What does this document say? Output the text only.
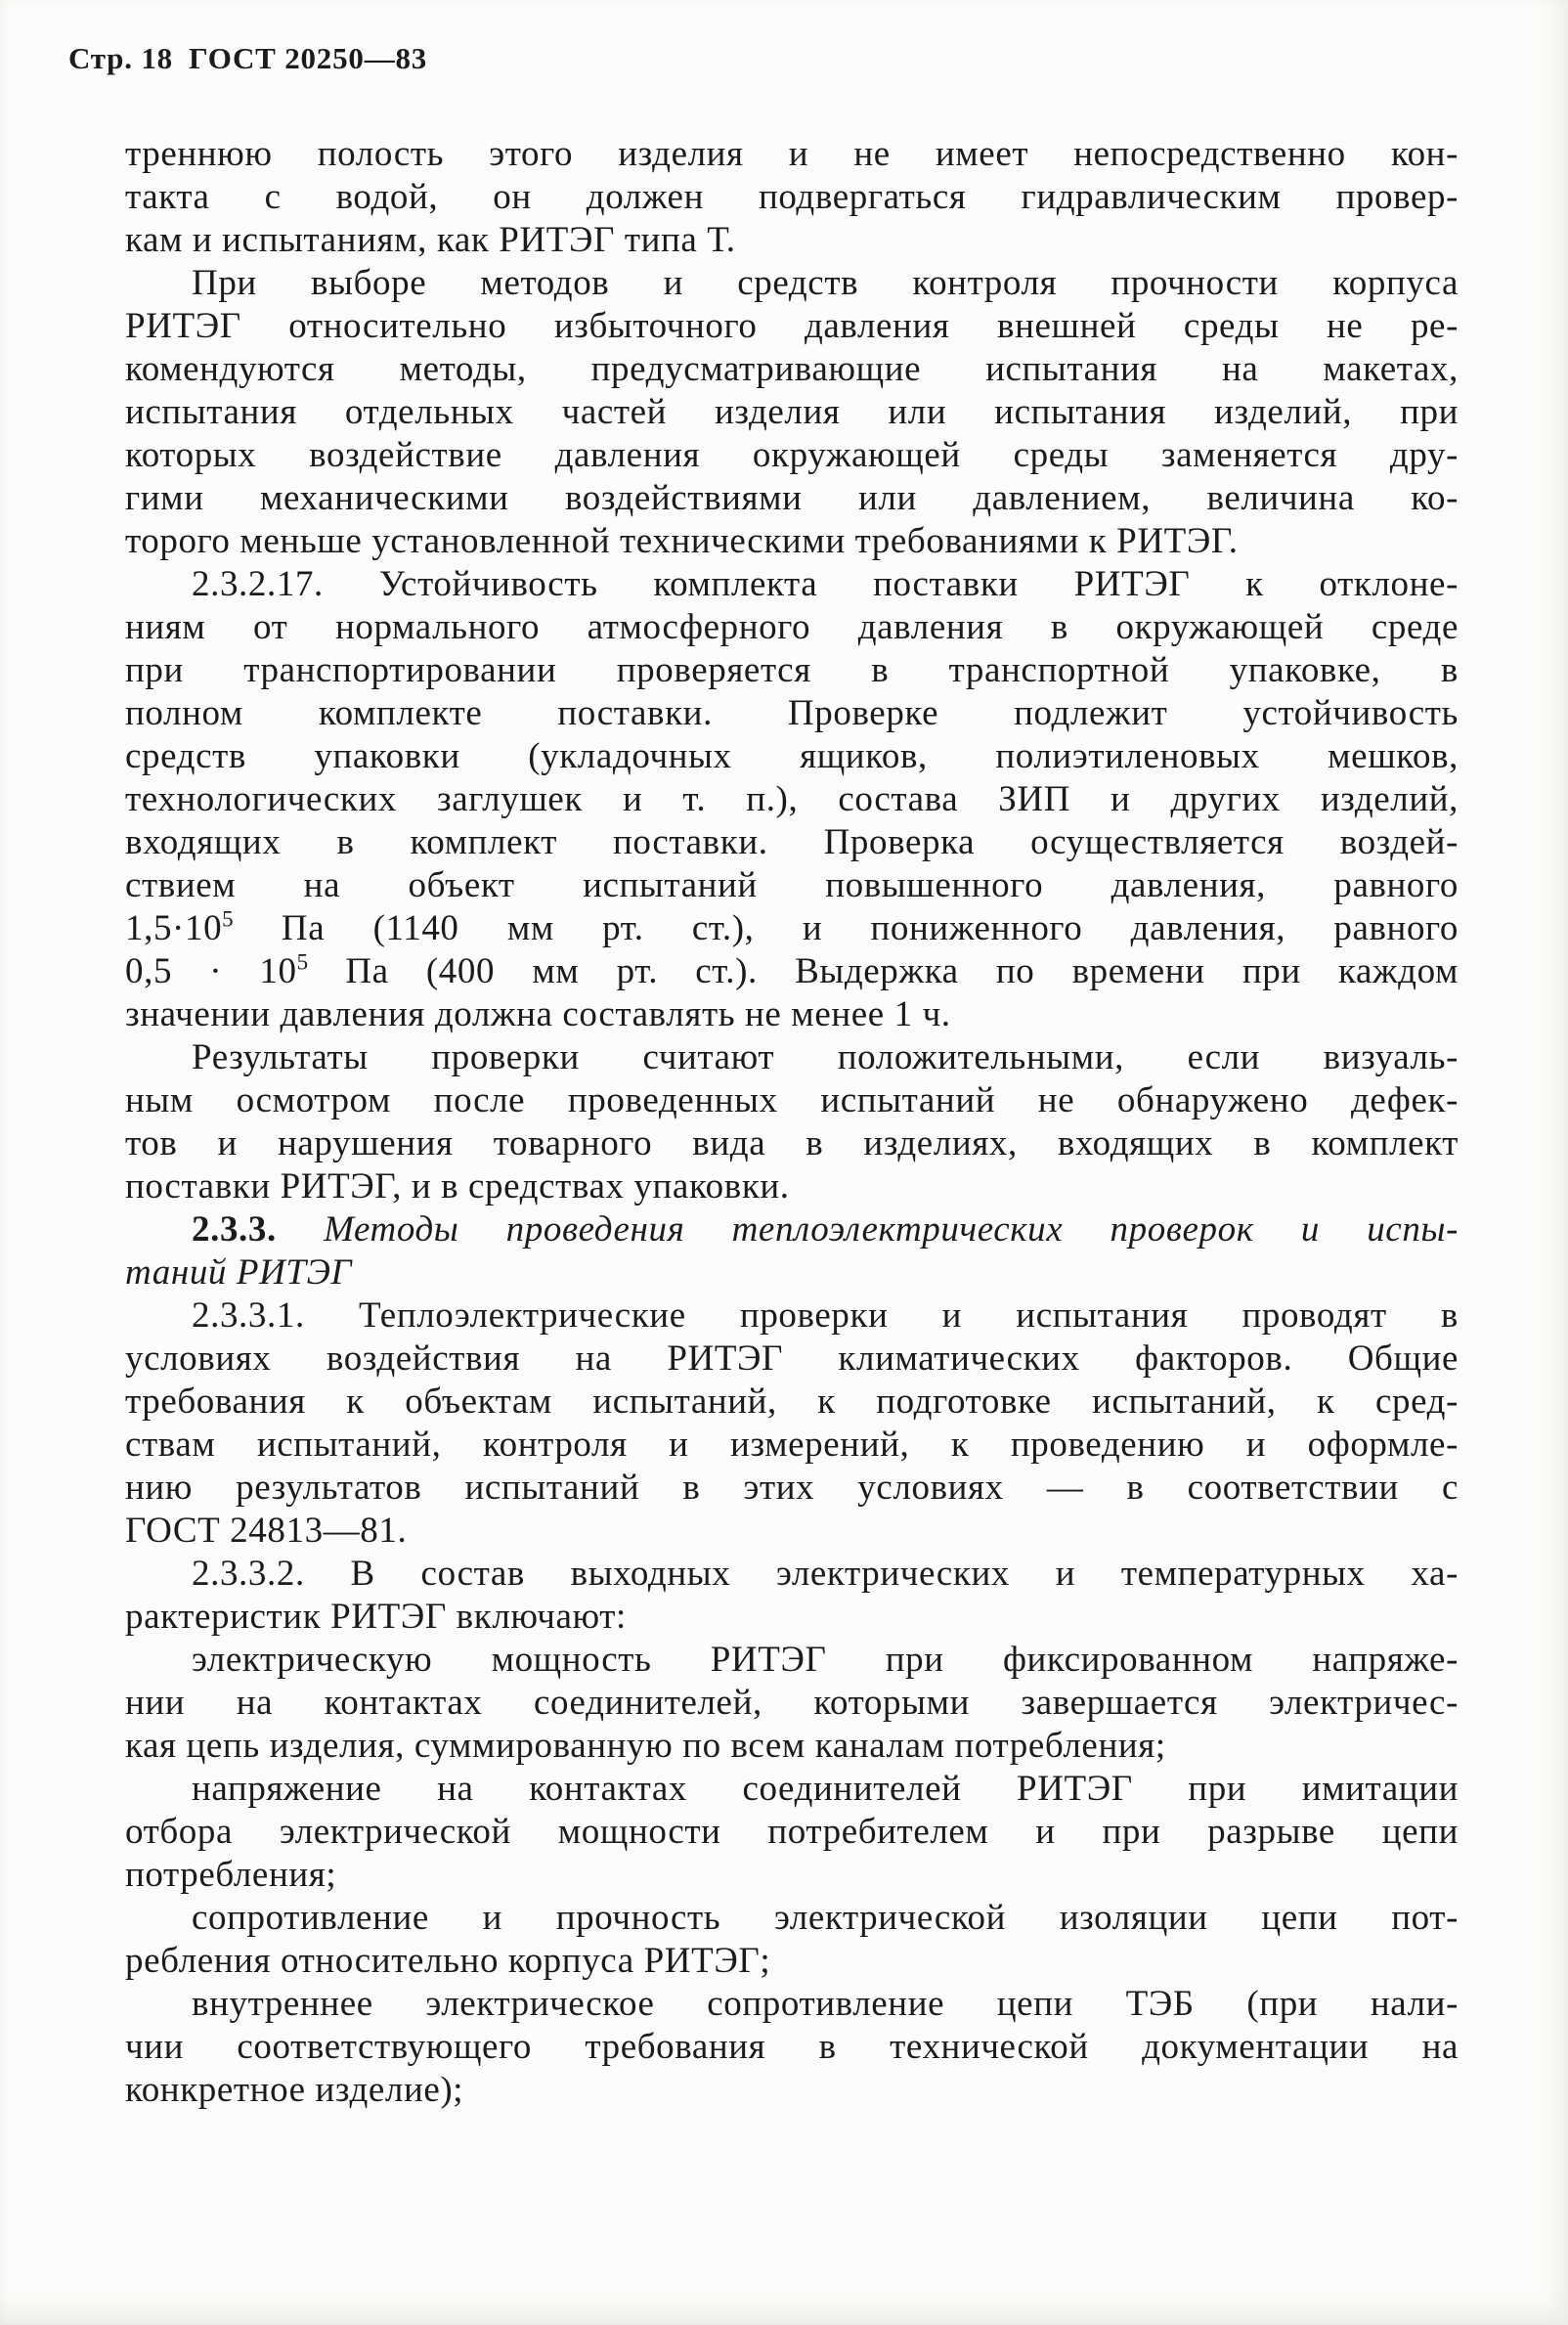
Стр. 18 ГОСТ 20250—83
треннюю полость этого изделия и не имеет непосредственно кон-
такта с водой, он должен подвергаться гидравлическим провер-
кам и испытаниям, как РИТЭГ типа Т.
При выборе методов и средств контроля прочности корпуса
РИТЭГ относительно избыточного давления внешней среды не ре-
комендуются методы, предусматривающие испытания на макетах,
испытания отдельных частей изделия или испытания изделий, при
которых воздействие давления окружающей среды заменяется дру-
гими механическими воздействиями или давлением, величина ко-
торого меньше установленной техническими требованиями к РИТЭГ.
2.3.2.17. Устойчивость комплекта поставки РИТЭГ к отклоне-
ниям от нормального атмосферного давления в окружающей среде
при транспортировании проверяется в транспортной упаковке, в
полном комплекте поставки. Проверке подлежит устойчивость
средств упаковки (укладочных ящиков, полиэтиленовых мешков,
технологических заглушек и т. п.), состава ЗИП и других изделий,
входящих в комплект поставки. Проверка осуществляется воздей-
ствием на объект испытаний повышенного давления, равного
$1,5\cdot 10^5$ Па (1140 мм рт. ст.), и пониженного давления, равного
$0,5 \cdot 10^5$ Па (400 мм рт. ст.). Выдержка по времени при каждом
значении давления должна составлять не менее 1 ч.
Результаты проверки считают положительными, если визуаль-
ным осмотром после проведенных испытаний не обнаружено дефек-
тов и нарушения товарного вида в изделиях, входящих в комплект
поставки РИТЭГ, и в средствах упаковки.
2.3.3. Методы проведения теплоэлектрических проверок и испы-
таний РИТЭГ
2.3.3.1. Теплоэлектрические проверки и испытания проводят в
условиях воздействия на РИТЭГ климатических факторов. Общие
требования к объектам испытаний, к подготовке испытаний, к сред-
ствам испытаний, контроля и измерений, к проведению и оформле-
нию результатов испытаний в этих условиях — в соответствии с
ГОСТ 24813—81.
2.3.3.2. В состав выходных электрических и температурных ха-
рактеристик РИТЭГ включают:
электрическую мощность РИТЭГ при фиксированном напряже-
нии на контактах соединителей, которыми завершается электричес-
кая цепь изделия, суммированную по всем каналам потребления;
напряжение на контактах соединителей РИТЭГ при имитации
отбора электрической мощности потребителем и при разрыве цепи
потребления;
сопротивление и прочность электрической изоляции цепи пот-
ребления относительно корпуса РИТЭГ;
внутреннее электрическое сопротивление цепи ТЭБ (при нали-
чии соответствующего требования в технической документации на
конкретное изделие);
